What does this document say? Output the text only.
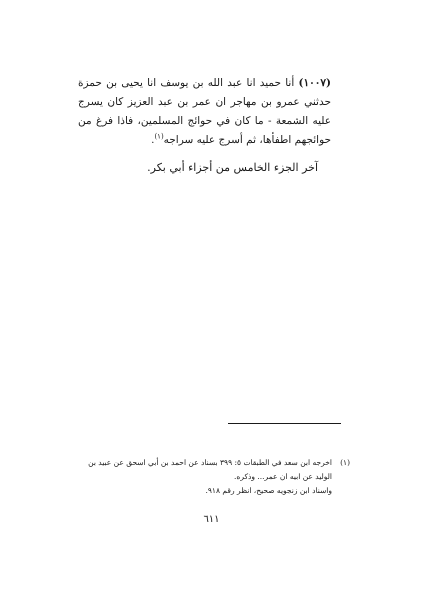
(١٠٠٧) أنا حميد انا عبد الله بن يوسف انا يحيى بن حمزة حدثني عمرو بن مهاجر ان عمر بن عبد العزيز كان يسرج عليه الشمعة - ما كان في حوائج المسلمين، فاذا فرغ من حوائجهم اطفأها، ثم أسرج عليه سراجه$^{(١)}$.

آخر الجزء الخامس من أجزاء أبي بكر.
(١)
اخرجه ابن سعد في الطبقات ٥: ٣٩٩ بسناد عن احمد بن أبي اسحق عن عبيد بن
الوليد عن ابيه ان عمر... وذكره.
واسناد ابن زنجويه صحيح، انظر رقم ٩١٨.
٦١١
